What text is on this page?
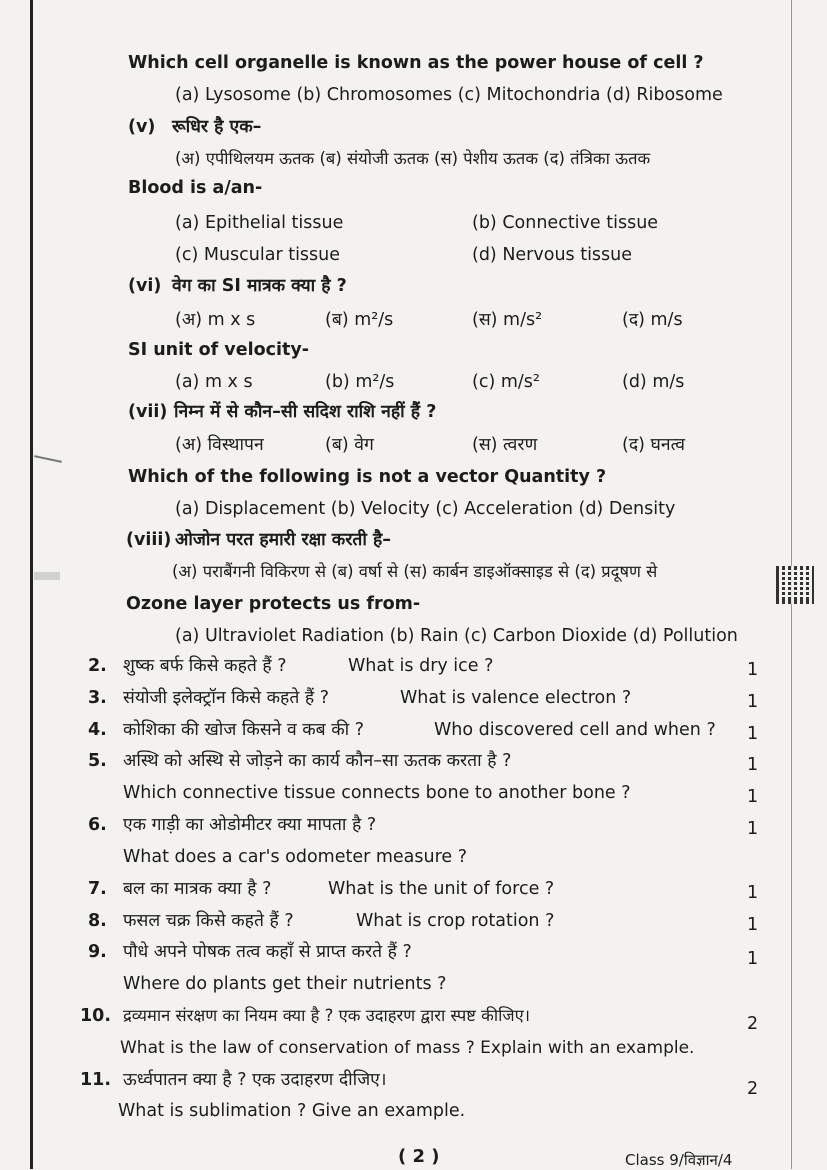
Which cell organelle is known as the power house of cell ?
(a) Lysosome (b) Chromosomes (c) Mitochondria (d) Ribosome
(v) रूधिर है एक–
(अ) एपीथिलयम ऊतक (ब) संयोजी ऊतक (स) पेशीय ऊतक (द) तंत्रिका ऊतक
Blood is a/an-
(a) Epithelial tissue	(b) Connective tissue
(c) Muscular tissue	(d) Nervous tissue
(vi) वेग का SI मात्रक क्या है ?
(अ) m x s	(ब) m²/s	(स) m/s²	(द) m/s
SI unit of velocity-
(a) m x s	(b) m²/s	(c) m/s²	(d) m/s
(vii) निम्न में से कौन–सी सदिश राशि नहीं हैं ?
(अ) विस्थापन	(ब) वेग	(स) त्वरण	(द) घनत्व
Which of the following is not a vector Quantity ?
(a) Displacement (b) Velocity (c) Acceleration (d) Density
(viii) ओजोन परत हमारी रक्षा करती है–
(अ) पराबैंगनी विकिरण से (ब) वर्षा से (स) कार्बन डाइऑक्साइड से (द) प्रदूषण से
Ozone layer protects us from-
(a) Ultraviolet Radiation (b) Rain (c) Carbon Dioxide (d) Pollution
2. शुष्क बर्फ किसे कहते हैं ?	What is dry ice ?	1
3. संयोजी इलेक्ट्रॉन किसे कहते हैं ?	What is valence electron ?	1
4. कोशिका की खोज किसने व कब की ?	Who discovered cell and when ? 1
5. अस्थि को अस्थि से जोड़ने का कार्य कौन–सा ऊतक करता है ?	1
Which connective tissue connects bone to another bone ?	1
6. एक गाड़ी का ओडोमीटर क्या मापता है ?	1
What does a car's odometer measure ?
7. बल का मात्रक क्या है ?	What is the unit of force ?	1
8. फसल चक्र किसे कहते हैं ?	What is crop rotation ?	1
9. पौधे अपने पोषक तत्व कहाँ से प्राप्त करते हैं ?	1
Where do plants get their nutrients ?
10. द्रव्यमान संरक्षण का नियम क्या है ? एक उदाहरण द्वारा स्पष्ट कीजिए।	2
What is the law of conservation of mass ? Explain with an example.
11. ऊर्ध्वपातन क्या है ? एक उदाहरण दीजिए।	2
What is sublimation ? Give an example.
( 2 )	Class 9/विज्ञान/4
